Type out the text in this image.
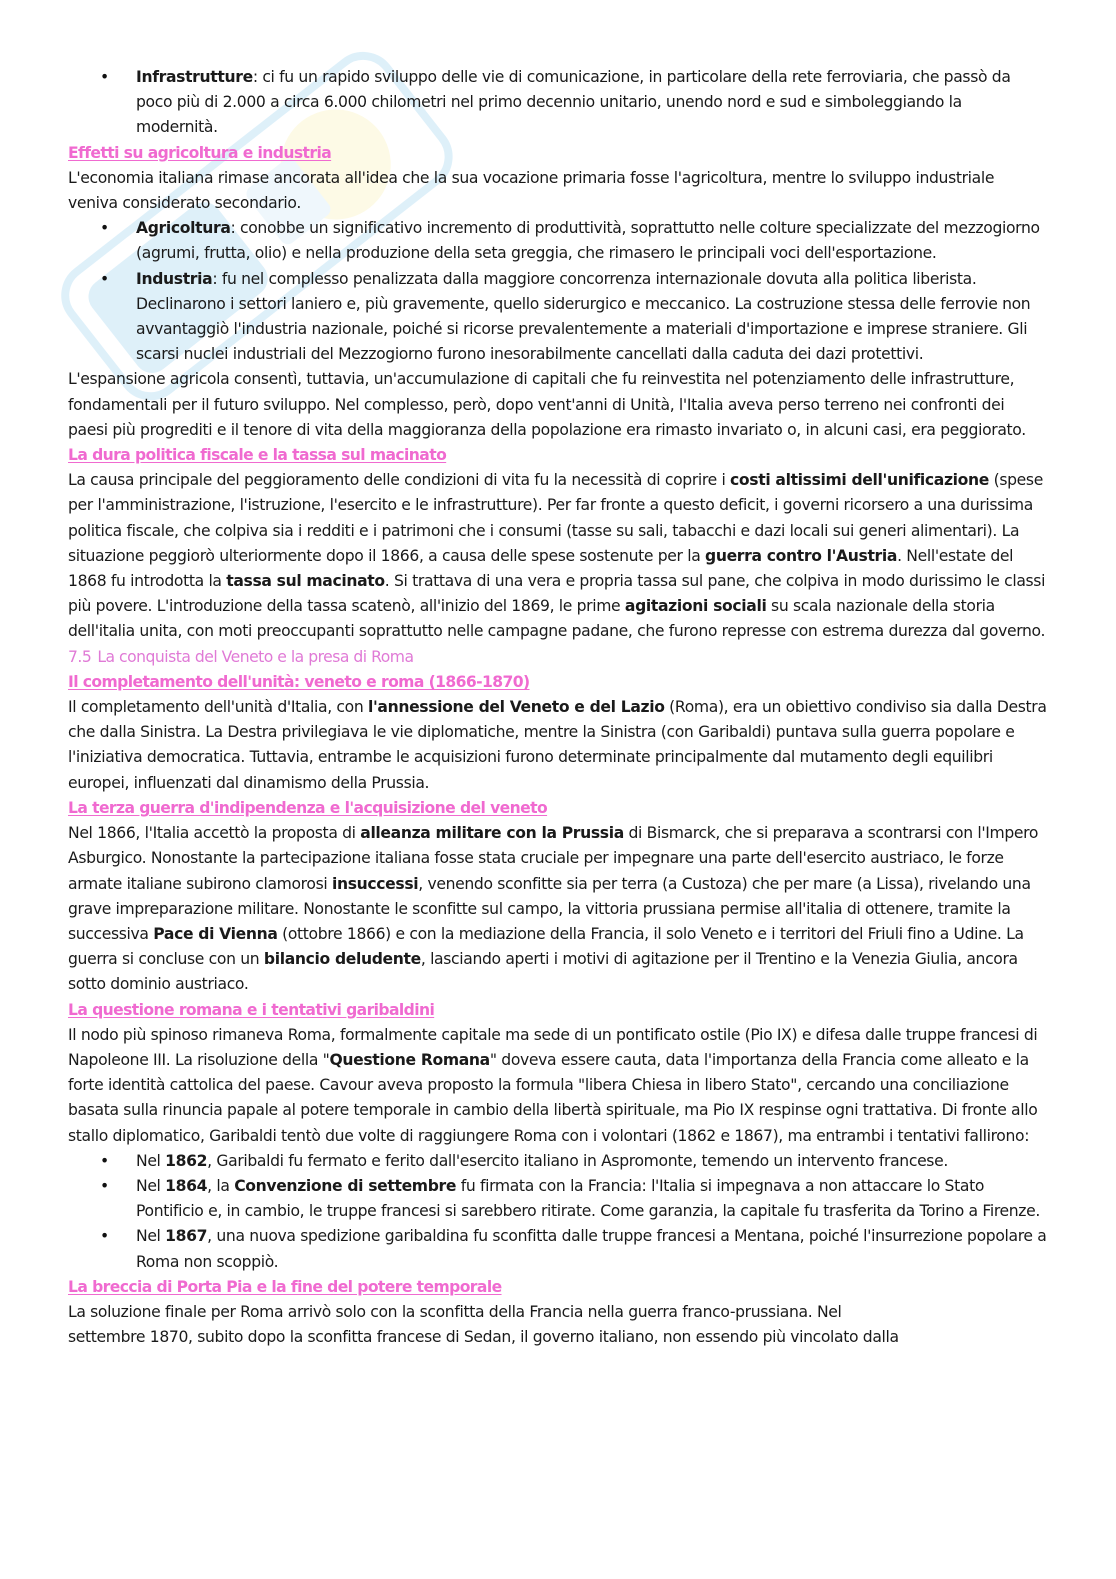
• Infrastrutture: ci fu un rapido sviluppo delle vie di comunicazione, in particolare della rete ferroviaria, che passò da poco più di 2.000 a circa 6.000 chilometri nel primo decennio unitario, unendo nord e sud e simboleggiando la modernità.

Effetti su agricoltura e industria

L'economia italiana rimase ancorata all'idea che la sua vocazione primaria fosse l'agricoltura, mentre lo sviluppo industriale veniva considerato secondario.

• Agricoltura: conobbe un significativo incremento di produttività, soprattutto nelle colture specializzate del mezzogiorno (agrumi, frutta, olio) e nella produzione della seta greggia, che rimasero le principali voci dell'esportazione.

• Industria: fu nel complesso penalizzata dalla maggiore concorrenza internazionale dovuta alla politica liberista. Declinarono i settori laniero e, più gravemente, quello siderurgico e meccanico. La costruzione stessa delle ferrovie non avvantaggiò l'industria nazionale, poiché si ricorse prevalentemente a materiali d'importazione e imprese straniere. Gli scarsi nuclei industriali del Mezzogiorno furono inesorabilmente cancellati dalla caduta dei dazi protettivi.

L'espansione agricola consentì, tuttavia, un'accumulazione di capitali che fu reinvestita nel potenziamento delle infrastrutture, fondamentali per il futuro sviluppo. Nel complesso, però, dopo vent'anni di Unità, l'Italia aveva perso terreno nei confronti dei paesi più progrediti e il tenore di vita della maggioranza della popolazione era rimasto invariato o, in alcuni casi, era peggiorato.

La dura politica fiscale e la tassa sul macinato

La causa principale del peggioramento delle condizioni di vita fu la necessità di coprire i costi altissimi dell'unificazione (spese per l'amministrazione, l'istruzione, l'esercito e le infrastrutture). Per far fronte a questo deficit, i governi ricorsero a una durissima politica fiscale, che colpiva sia i redditi e i patrimoni che i consumi (tasse su sali, tabacchi e dazi locali sui generi alimentari). La situazione peggiorò ulteriormente dopo il 1866, a causa delle spese sostenute per la guerra contro l'Austria. Nell'estate del 1868 fu introdotta la tassa sul macinato. Si trattava di una vera e propria tassa sul pane, che colpiva in modo durissimo le classi più povere. L'introduzione della tassa scatenò, all'inizio del 1869, le prime agitazioni sociali su scala nazionale della storia dell'italia unita, con moti preoccupanti soprattutto nelle campagne padane, che furono represse con estrema durezza dal governo.

7.5 La conquista del Veneto e la presa di Roma

Il completamento dell'unità: veneto e roma (1866-1870)

Il completamento dell'unità d'Italia, con l'annessione del Veneto e del Lazio (Roma), era un obiettivo condiviso sia dalla Destra che dalla Sinistra. La Destra privilegiava le vie diplomatiche, mentre la Sinistra (con Garibaldi) puntava sulla guerra popolare e l'iniziativa democratica. Tuttavia, entrambe le acquisizioni furono determinate principalmente dal mutamento degli equilibri europei, influenzati dal dinamismo della Prussia.

La terza guerra d'indipendenza e l'acquisizione del veneto

Nel 1866, l'Italia accettò la proposta di alleanza militare con la Prussia di Bismarck, che si preparava a scontrarsi con l'Impero Asburgico. Nonostante la partecipazione italiana fosse stata cruciale per impegnare una parte dell'esercito austriaco, le forze armate italiane subirono clamorosi insuccessi, venendo sconfitte sia per terra (a Custoza) che per mare (a Lissa), rivelando una grave impreparazione militare. Nonostante le sconfitte sul campo, la vittoria prussiana permise all'italia di ottenere, tramite la successiva Pace di Vienna (ottobre 1866) e con la mediazione della Francia, il solo Veneto e i territori del Friuli fino a Udine. La guerra si concluse con un bilancio deludente, lasciando aperti i motivi di agitazione per il Trentino e la Venezia Giulia, ancora sotto dominio austriaco.

La questione romana e i tentativi garibaldini

Il nodo più spinoso rimaneva Roma, formalmente capitale ma sede di un pontificato ostile (Pio IX) e difesa dalle truppe francesi di Napoleone III. La risoluzione della "Questione Romana" doveva essere cauta, data l'importanza della Francia come alleato e la forte identità cattolica del paese. Cavour aveva proposto la formula "libera Chiesa in libero Stato", cercando una conciliazione basata sulla rinuncia papale al potere temporale in cambio della libertà spirituale, ma Pio IX respinse ogni trattativa. Di fronte allo stallo diplomatico, Garibaldi tentò due volte di raggiungere Roma con i volontari (1862 e 1867), ma entrambi i tentativi fallirono:

• Nel 1862, Garibaldi fu fermato e ferito dall'esercito italiano in Aspromonte, temendo un intervento francese.

• Nel 1864, la Convenzione di settembre fu firmata con la Francia: l'Italia si impegnava a non attaccare lo Stato Pontificio e, in cambio, le truppe francesi si sarebbero ritirate. Come garanzia, la capitale fu trasferita da Torino a Firenze.

• Nel 1867, una nuova spedizione garibaldina fu sconfitta dalle truppe francesi a Mentana, poiché l'insurrezione popolare a Roma non scoppiò.

La breccia di Porta Pia e la fine del potere temporale

La soluzione finale per Roma arrivò solo con la sconfitta della Francia nella guerra franco-prussiana. Nel
settembre 1870, subito dopo la sconfitta francese di Sedan, il governo italiano, non essendo più vincolato dalla
